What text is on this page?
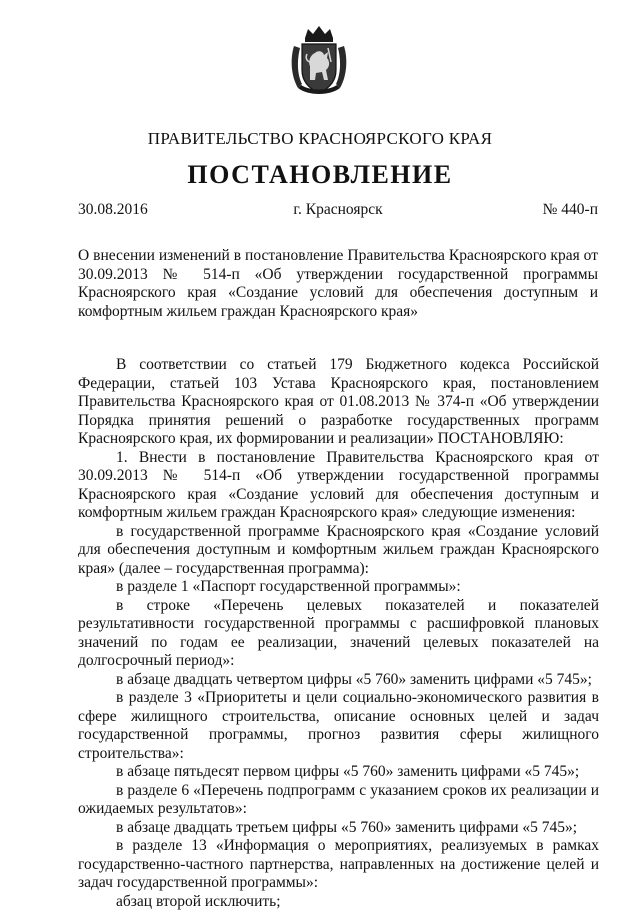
ПРАВИТЕЛЬСТВО КРАСНОЯРСКОГО КРАЯ
ПОСТАНОВЛЕНИЕ
30.08.2016	г. Красноярск	№ 440-п
О внесении изменений в постановление Правительства Красноярского края от 30.09.2013 № 514-п «Об утверждении государственной программы Красноярского края «Создание условий для обеспечения доступным и комфортным жильем граждан Красноярского края»

В соответствии со статьей 179 Бюджетного кодекса Российской Федерации, статьей 103 Устава Красноярского края, постановлением Правительства Красноярского края от 01.08.2013 № 374-п «Об утверждении Порядка принятия решений о разработке государственных программ Красноярского края, их формировании и реализации» ПОСТАНОВЛЯЮ:

1. Внести в постановление Правительства Красноярского края от 30.09.2013 № 514-п «Об утверждении государственной программы Красноярского края «Создание условий для обеспечения доступным и комфортным жильем граждан Красноярского края» следующие изменения:

в государственной программе Красноярского края «Создание условий для обеспечения доступным и комфортным жильем граждан Красноярского края» (далее – государственная программа):

в разделе 1 «Паспорт государственной программы»:

в строке «Перечень целевых показателей и показателей результативности государственной программы с расшифровкой плановых значений по годам ее реализации, значений целевых показателей на долгосрочный период»:

в абзаце двадцать четвертом цифры «5 760» заменить цифрами «5 745»;

в разделе 3 «Приоритеты и цели социально-экономического развития в сфере жилищного строительства, описание основных целей и задач государственной программы, прогноз развития сферы жилищного строительства»:

в абзаце пятьдесят первом цифры «5 760» заменить цифрами «5 745»;

в разделе 6 «Перечень подпрограмм с указанием сроков их реализации и ожидаемых результатов»:

в абзаце двадцать третьем цифры «5 760» заменить цифрами «5 745»;

в разделе 13 «Информация о мероприятиях, реализуемых в рамках государственно-частного партнерства, направленных на достижение целей и задач государственной программы»:

абзац второй исключить;
